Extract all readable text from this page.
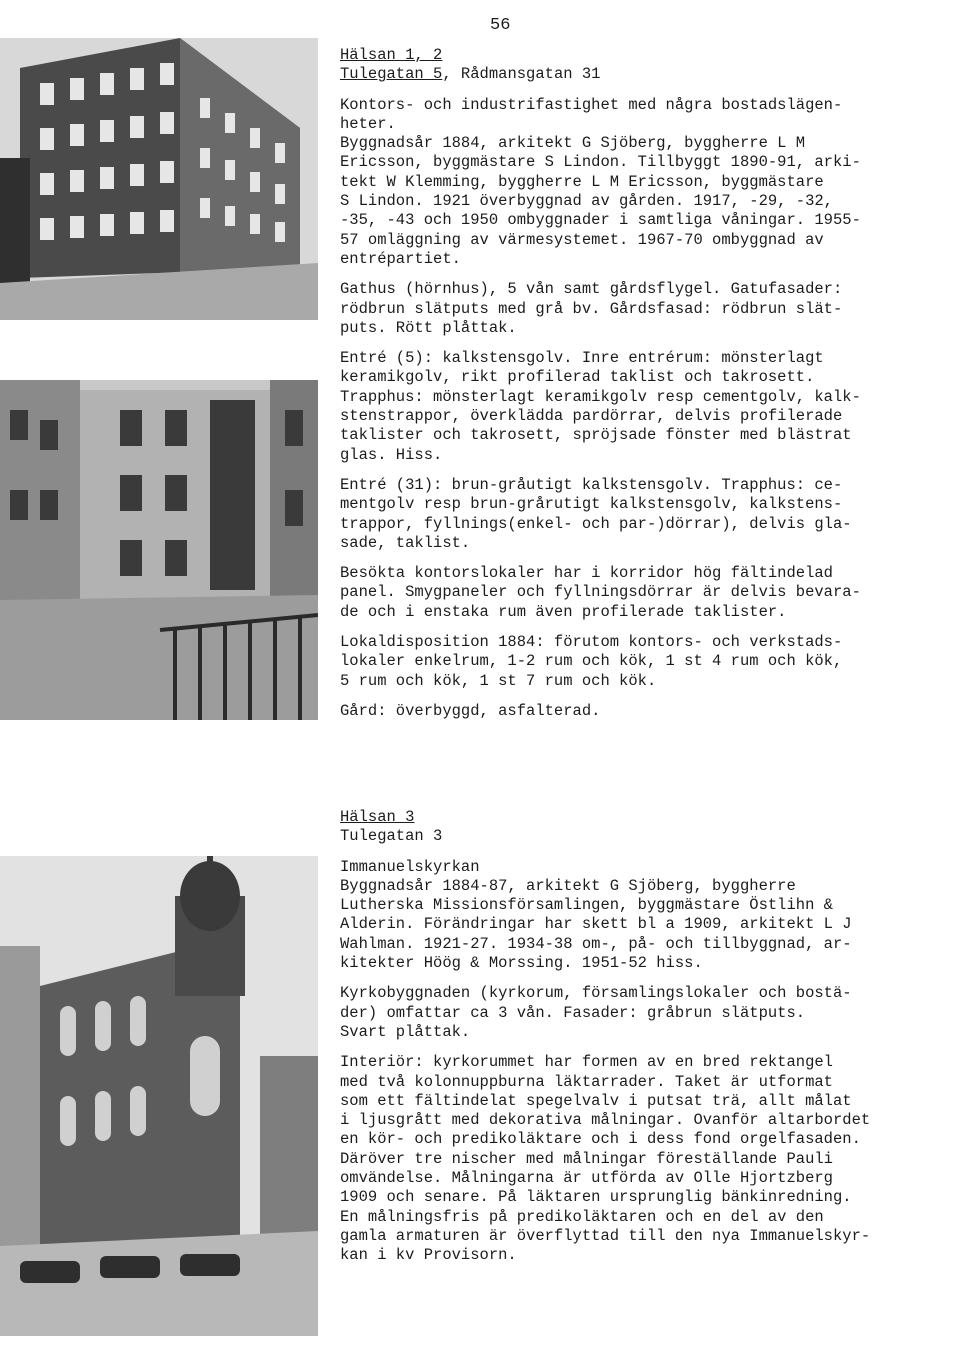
56
Hälsan 1, 2
Tulegatan 5, Rådmansgatan 31
Kontors- och industrifastighet med några bostadslägen-
heter.
Byggnadsår 1884, arkitekt G Sjöberg, byggherre L M
Ericsson, byggmästare S Lindon. Tillbyggt 1890-91, arki-
tekt W Klemming, byggherre L M Ericsson, byggmästare
S Lindon. 1921 överbyggnad av gården. 1917, -29, -32,
-35, -43 och 1950 ombyggnader i samtliga våningar. 1955-
57 omläggning av värmesystemet. 1967-70 ombyggnad av
entrépartiet.
Gathus (hörnhus), 5 vån samt gårdsflygel. Gatufasader:
rödbrun slätputs med grå bv. Gårdsfasad: rödbrun slät-
puts. Rött plåttak.
Entré (5): kalkstensgolv. Inre entrérum: mönsterlagt
keramikgolv, rikt profilerad taklist och takrosett.
Trapphus: mönsterlagt keramikgolv resp cementgolv, kalk-
stenstrappor, överklädda pardörrar, delvis profilerade
taklister och takrosett, spröjsade fönster med blästrat
glas. Hiss.
Entré (31): brun-gråutigt kalkstensgolv. Trapphus: ce-
mentgolv resp brun-grårutigt kalkstensgolv, kalkstens-
trappor, fyllnings(enkel- och par-)dörrar), delvis gla-
sade, taklist.
Besökta kontorslokaler har i korridor hög fältindelad
panel. Smygpaneler och fyllningsdörrar är delvis bevara-
de och i enstaka rum även profilerade taklister.
Lokaldisposition 1884: förutom kontors- och verkstads-
lokaler enkelrum, 1-2 rum och kök, 1 st 4 rum och kök,
5 rum och kök, 1 st 7 rum och kök.
Gård: överbyggd, asfalterad.
Hälsan 3
Tulegatan 3
Immanuelskyrkan
Byggnadsår 1884-87, arkitekt G Sjöberg, byggherre
Lutherska Missionsförsamlingen, byggmästare Östlihn &
Alderin. Förändringar har skett bl a 1909, arkitekt L J
Wahlman. 1921-27. 1934-38 om-, på- och tillbyggnad, ar-
kitekter Höög & Morssing. 1951-52 hiss.
Kyrkobyggnaden (kyrkorum, församlingslokaler och bostä-
der) omfattar ca 3 vån. Fasader: gråbrun slätputs.
Svart plåttak.
Interiör: kyrkorummet har formen av en bred rektangel
med två kolonnuppburna läktarrader. Taket är utformat
som ett fältindelat spegelvalv i putsat trä, allt målat
i ljusgrått med dekorativa målningar. Ovanför altarbordet
en kör- och predikoläktare och i dess fond orgelfasaden.
Däröver tre nischer med målningar föreställande Pauli
omvändelse. Målningarna är utförda av Olle Hjortzberg
1909 och senare. På läktaren ursprunglig bänkinredning.
En målningsfris på predikoläktaren och en del av den
gamla armaturen är överflyttad till den nya Immanuelskyr-
kan i kv Provisorn.
